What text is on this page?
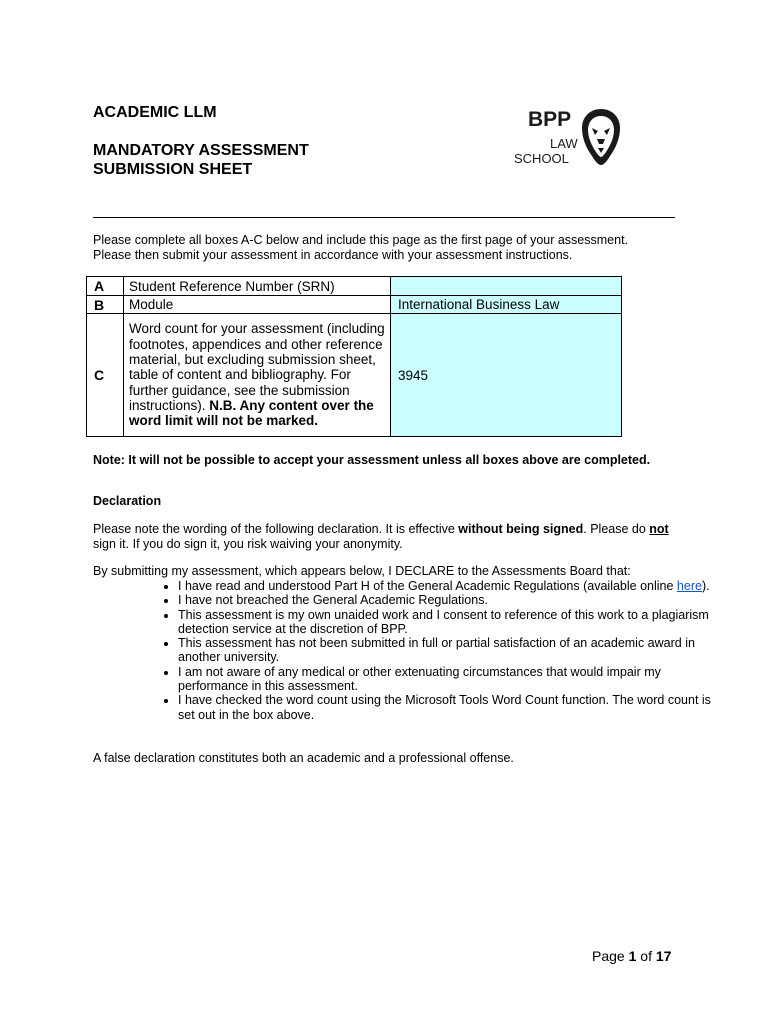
ACADEMIC LLM
MANDATORY ASSESSMENT
SUBMISSION SHEET
BPP
LAW
SCHOOL
Please complete all boxes A-C below and include this page as the first page of your assessment.
Please then submit your assessment in accordance with your assessment instructions.
A	Student Reference Number (SRN)	
B	Module	International Business Law
C	Word count for your assessment (including footnotes, appendices and other reference material, but excluding submission sheet, table of content and bibliography. For further guidance, see the submission instructions). N.B. Any content over the word limit will not be marked.	3945
Note: It will not be possible to accept your assessment unless all boxes above are completed.
Declaration
Please note the wording of the following declaration. It is effective without being signed. Please do not sign it. If you do sign it, you risk waiving your anonymity.
By submitting my assessment, which appears below, I DECLARE to the Assessments Board that:
• I have read and understood Part H of the General Academic Regulations (available online here).
• I have not breached the General Academic Regulations.
• This assessment is my own unaided work and I consent to reference of this work to a plagiarism detection service at the discretion of BPP.
• This assessment has not been submitted in full or partial satisfaction of an academic award in another university.
• I am not aware of any medical or other extenuating circumstances that would impair my performance in this assessment.
• I have checked the word count using the Microsoft Tools Word Count function. The word count is set out in the box above.
A false declaration constitutes both an academic and a professional offense.
Page 1 of 17
